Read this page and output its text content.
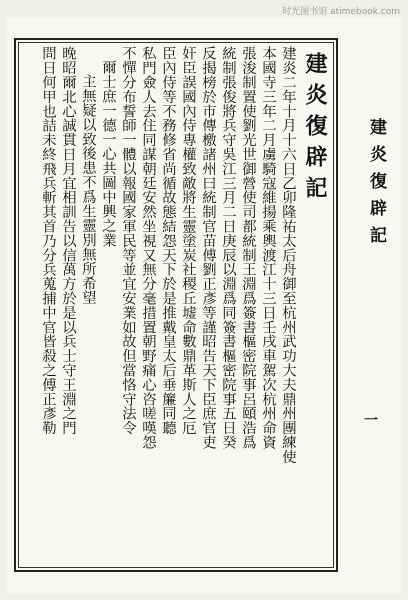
时光图书馆 atimebook.com
建炎復辟記
建炎二年十月十六日乙卯隆祐太后舟御至杭州武功大夫鼎州團練使
本國寺三年二月虜騎寇維揚乘輿渡江十三日壬戌車駕次杭州命資
張浚制置使劉光世御營使司都統制王淵爲簽書樞密院事呂頤浩爲
統制張俊將兵守吳江三月二日庚辰以淵爲同簽書樞密院事五日癸
反揭榜於市傳檄諸州曰統制官苗傅劉正彥等謹昭告天下臣庶官吏
奸臣誤國內侍專權致敵將生靈塗炭社稷丘墟命數鼎革斯人之厄
臣內侍等不務修省尚循故態結怨天下於是推戴皇太后垂簾同聽
私門僉人去住同謀朝廷安然坐視又無分毫措置朝野痛心咨嗟嘆怨
不憚分布誓師一體以報國家軍民等並宜安業如故但當恪守法令
爾士庶一德一心共圖中興之業
主無疑以致後患不爲生靈別無所希望
晚昭爾北心誠貫日月宜相訓告以信萬方於是以兵士守王淵之門
問日何甲也詰未終飛兵斬其首乃分兵蒐捕中官皆殺之傅正彥勒	建炎復辟記
一
